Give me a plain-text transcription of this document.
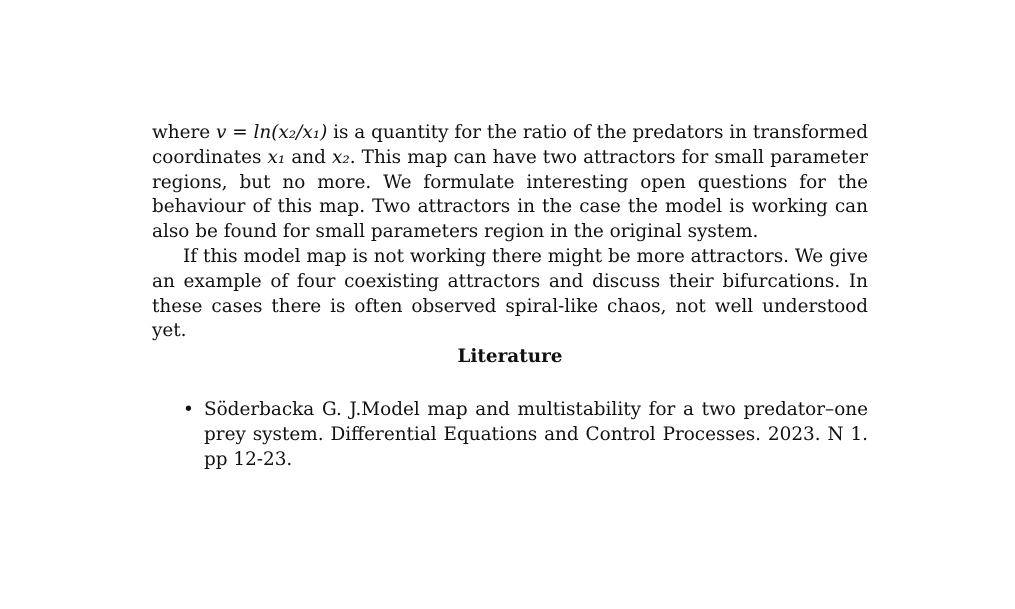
where v = ln(x₂/x₁) is a quantity for the ratio of the predators in transformed coordinates x₁ and x₂. This map can have two attractors for small parameter regions, but no more. We formulate interesting open questions for the behaviour of this map. Two attractors in the case the model is working can also be found for small parameters region in the original system.

If this model map is not working there might be more attractors. We give an example of four coexisting attractors and discuss their bifurcations. In these cases there is often observed spiral-like chaos, not well understood yet.

Literature
• Söderbacka G. J.Model map and multistability for a two predator–one prey system. Differential Equations and Control Processes. 2023. N 1. pp 12-23.
